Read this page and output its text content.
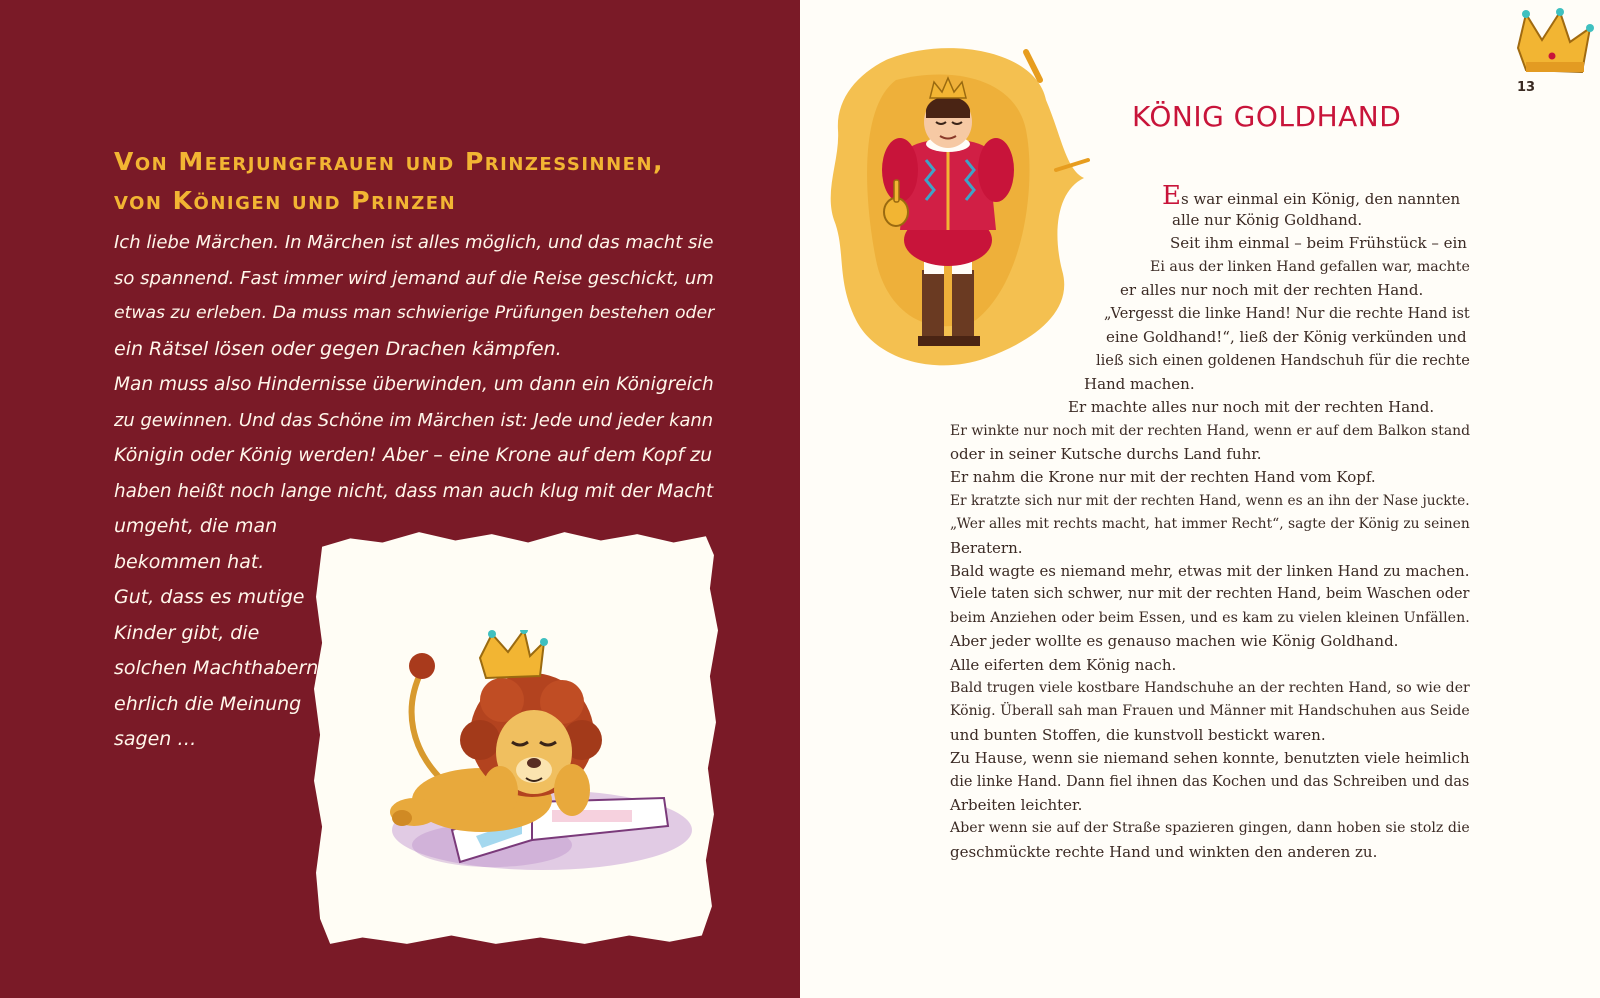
Von Meerjungfrauen und Prinzessinnen,
von Königen und Prinzen
Ich liebe Märchen. In Märchen ist alles möglich, und das macht sie
so spannend. Fast immer wird jemand auf die Reise geschickt, um
etwas zu erleben. Da muss man schwierige Prüfungen bestehen oder
ein Rätsel lösen oder gegen Drachen kämpfen.
Man muss also Hindernisse überwinden, um dann ein Königreich
zu gewinnen. Und das Schöne im Märchen ist: Jede und jeder kann
Königin oder König werden! Aber – eine Krone auf dem Kopf zu
haben heißt noch lange nicht, dass man auch klug mit der Macht
umgeht, die man
bekommen hat.
Gut, dass es mutige
Kinder gibt, die
solchen Machthabern
ehrlich die Meinung
sagen …
13
KÖNIG GOLDHAND
Es war einmal ein König, den nannten
alle nur König Goldhand.
Seit ihm einmal – beim Frühstück – ein
Ei aus der linken Hand gefallen war, machte
er alles nur noch mit der rechten Hand.
„Vergesst die linke Hand! Nur die rechte Hand ist
eine Goldhand!“, ließ der König verkünden und
ließ sich einen goldenen Handschuh für die rechte
Hand machen.
Er machte alles nur noch mit der rechten Hand.
Er winkte nur noch mit der rechten Hand, wenn er auf dem Balkon stand
oder in seiner Kutsche durchs Land fuhr.
Er nahm die Krone nur mit der rechten Hand vom Kopf.
Er kratzte sich nur mit der rechten Hand, wenn es an ihn der Nase juckte.
„Wer alles mit rechts macht, hat immer Recht“, sagte der König zu seinen
Beratern.
Bald wagte es niemand mehr, etwas mit der linken Hand zu machen.
Viele taten sich schwer, nur mit der rechten Hand, beim Waschen oder
beim Anziehen oder beim Essen, und es kam zu vielen kleinen Unfällen.
Aber jeder wollte es genauso machen wie König Goldhand.
Alle eiferten dem König nach.
Bald trugen viele kostbare Handschuhe an der rechten Hand, so wie der
König. Überall sah man Frauen und Männer mit Handschuhen aus Seide
und bunten Stoffen, die kunstvoll bestickt waren.
Zu Hause, wenn sie niemand sehen konnte, benutzten viele heimlich
die linke Hand. Dann fiel ihnen das Kochen und das Schreiben und das
Arbeiten leichter.
Aber wenn sie auf der Straße spazieren gingen, dann hoben sie stolz die
geschmückte rechte Hand und winkten den anderen zu.
